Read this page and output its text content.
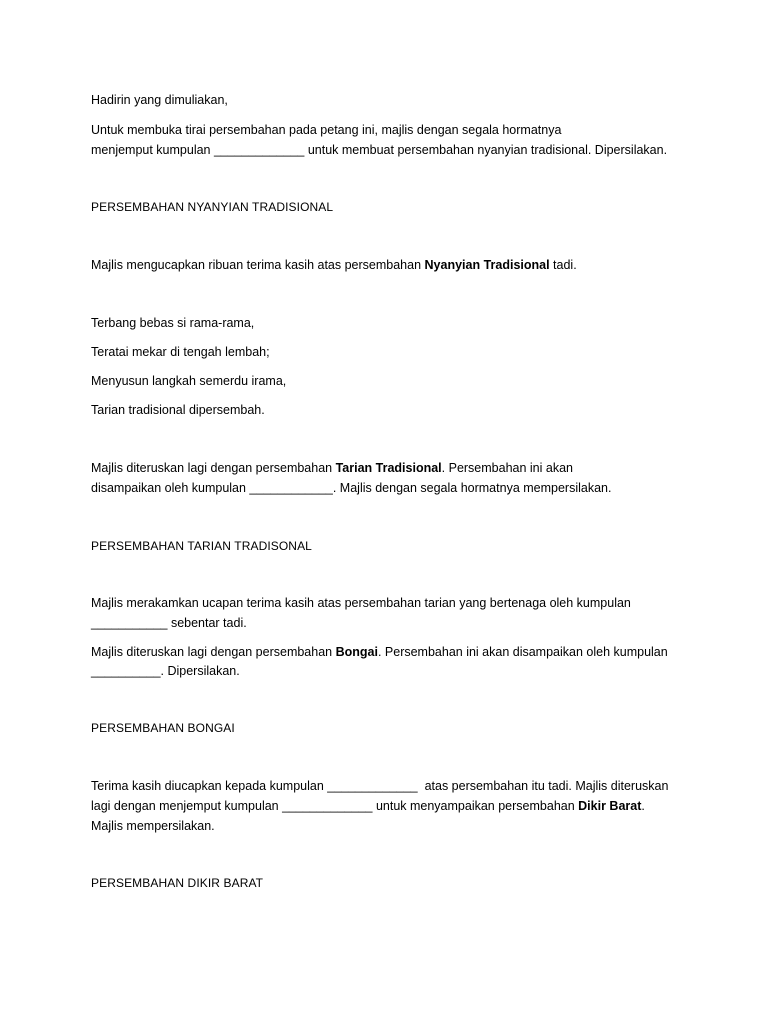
Hadirin yang dimuliakan,

Untuk membuka tirai persembahan pada petang ini, majlis dengan segala hormatnya

menjemput kumpulan _____________ untuk membuat persembahan nyanyian tradisional. Dipersilakan.

PERSEMBAHAN NYANYIAN TRADISIONAL

Majlis mengucapkan ribuan terima kasih atas persembahan Nyanyian Tradisional tadi.

Terbang bebas si rama-rama,

Teratai mekar di tengah lembah;

Menyusun langkah semerdu irama,

Tarian tradisional dipersembah.

Majlis diteruskan lagi dengan persembahan Tarian Tradisional. Persembahan ini akan

disampaikan oleh kumpulan ____________. Majlis dengan segala hormatnya mempersilakan.

PERSEMBAHAN TARIAN TRADISONAL

Majlis merakamkan ucapan terima kasih atas persembahan tarian yang bertenaga oleh kumpulan

___________ sebentar tadi.

Majlis diteruskan lagi dengan persembahan Bongai. Persembahan ini akan disampaikan oleh kumpulan

__________. Dipersilakan.

PERSEMBAHAN BONGAI

Terima kasih diucapkan kepada kumpulan _____________  atas persembahan itu tadi. Majlis diteruskan

lagi dengan menjemput kumpulan _____________ untuk menyampaikan persembahan Dikir Barat.

Majlis mempersilakan.

PERSEMBAHAN DIKIR BARAT
